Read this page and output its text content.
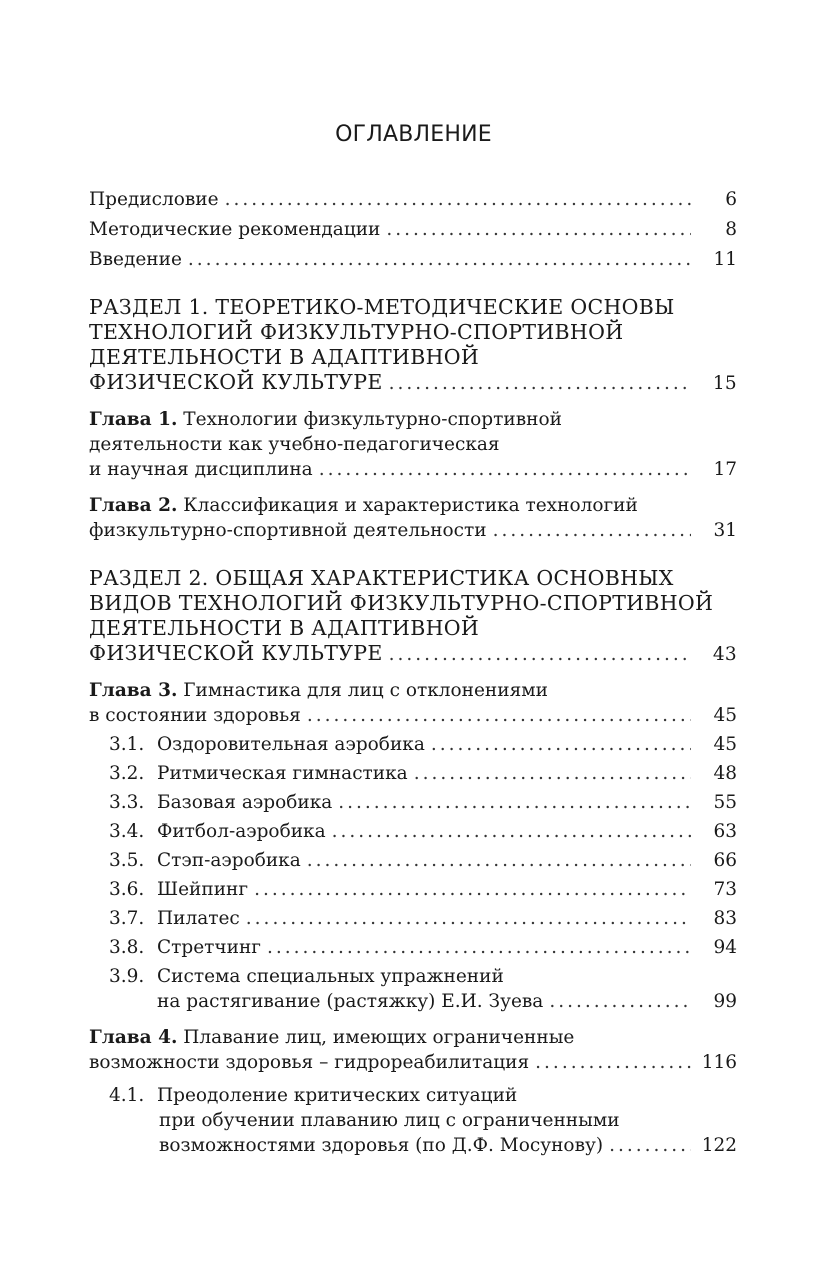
ОГЛАВЛЕНИЕ
Предисловие .....	6
Методические рекомендации .....	8
Введение .....	11
РАЗДЕЛ 1. ТЕОРЕТИКО-МЕТОДИЧЕСКИЕ ОСНОВЫ
ТЕХНОЛОГИЙ ФИЗКУЛЬТУРНО-СПОРТИВНОЙ
ДЕЯТЕЛЬНОСТИ В АДАПТИВНОЙ
ФИЗИЧЕСКОЙ КУЛЬТУРЕ .....	15
Глава 1. Технологии физкультурно-спортивной
деятельности как учебно-педагогическая
и научная дисциплина .....	17
Глава 2. Классификация и характеристика технологий
физкультурно-спортивной деятельности .....	31
РАЗДЕЛ 2. ОБЩАЯ ХАРАКТЕРИСТИКА ОСНОВНЫХ
ВИДОВ ТЕХНОЛОГИЙ ФИЗКУЛЬТУРНО-СПОРТИВНОЙ
ДЕЯТЕЛЬНОСТИ В АДАПТИВНОЙ
ФИЗИЧЕСКОЙ КУЛЬТУРЕ .....	43
Глава 3. Гимнастика для лиц с отклонениями
в состоянии здоровья .....	45
3.1. Оздоровительная аэробика .....	45
3.2. Ритмическая гимнастика .....	48
3.3. Базовая аэробика .....	55
3.4. Фитбол-аэробика .....	63
3.5. Стэп-аэробика .....	66
3.6. Шейпинг .....	73
3.7. Пилатес .....	83
3.8. Стретчинг .....	94
3.9. Система специальных упражнений
на растягивание (растяжку) Е.И. Зуева .....	99
Глава 4. Плавание лиц, имеющих ограниченные
возможности здоровья – гидрореабилитация .....	116
4.1. Преодоление критических ситуаций
при обучении плаванию лиц с ограниченными
возможностями здоровья (по Д.Ф. Мосунову) .....	122
